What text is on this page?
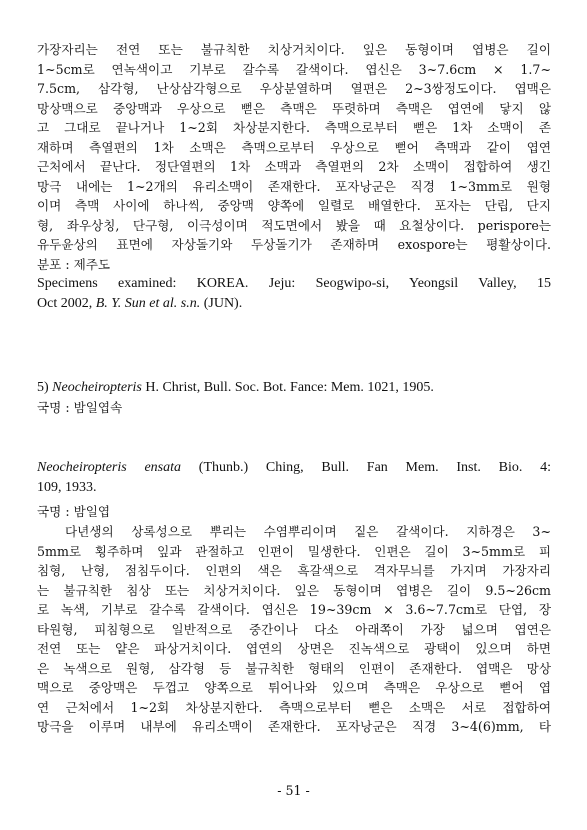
가장자리는 전연 또는 불규칙한 치상거치이다. 잎은 동형이며 엽병은 길이
1~5cm로 연녹색이고 기부로 갈수록 갈색이다. 엽신은 3~7.6cm × 1.7~
7.5cm, 삼각형, 난상삼각형으로 우상분열하며 열편은 2~3쌍정도이다. 엽맥은
망상맥으로 중앙맥과 우상으로 뻗은 측맥은 뚜렷하며 측맥은 엽연에 닿지 않
고 그대로 끝나거나 1~2회 차상분지한다. 측맥으로부터 뻗은 1차 소맥이 존
재하며 측열편의 1차 소맥은 측맥으로부터 우상으로 뻗어 측맥과 같이 엽연
근처에서 끝난다. 정단열편의 1차 소맥과 측열편의 2차 소맥이 접합하여 생긴
망극 내에는 1~2개의 유리소맥이 존재한다. 포자낭군은 직경 1~3mm로 원형
이며 측맥 사이에 하나씩, 중앙맥 양쪽에 일렬로 배열한다. 포자는 단립, 단지
형, 좌우상칭, 단구형, 이극성이며 적도면에서 봤을 때 요철상이다. perispore는
유두윤상의 표면에 자상돌기와 두상돌기가 존재하며 exospore는 평활상이다.
분포 : 제주도
Specimens examined: KOREA. Jeju: Seogwipo-si, Yeongsil Valley, 15
Oct 2002, B. Y. Sun et al. s.n. (JUN).
5) Neocheiropteris H. Christ, Bull. Soc. Bot. Fance: Mem. 1021, 1905.
국명 : 밤일엽속
Neocheiropteris ensata (Thunb.) Ching, Bull. Fan Mem. Inst. Bio. 4:
109, 1933.
국명 : 밤일엽
다년생의 상록성으로 뿌리는 수염뿌리이며 짙은 갈색이다. 지하경은 3~
5mm로 횡주하며 잎과 관절하고 인편이 밀생한다. 인편은 길이 3~5mm로 피
침형, 난형, 점침두이다. 인편의 색은 흑갈색으로 격자무늬를 가지며 가장자리
는 불규칙한 침상 또는 치상거치이다. 잎은 동형이며 엽병은 길이 9.5~26cm
로 녹색, 기부로 갈수록 갈색이다. 엽신은 19~39cm × 3.6~7.7cm로 단엽, 장
타원형, 피침형으로 일반적으로 중간이나 다소 아래쪽이 가장 넓으며 엽연은
전연 또는 얕은 파상거치이다. 엽연의 상면은 진녹색으로 광택이 있으며 하면
은 녹색으로 원형, 삼각형 등 불규칙한 형태의 인편이 존재한다. 엽맥은 망상
맥으로 중앙맥은 두껍고 양쪽으로 튀어나와 있으며 측맥은 우상으로 뻗어 엽
연 근처에서 1~2회 차상분지한다. 측맥으로부터 뻗은 소맥은 서로 접합하여
망극을 이루며 내부에 유리소맥이 존재한다. 포자낭군은 직경 3~4(6)mm, 타
- 51 -
